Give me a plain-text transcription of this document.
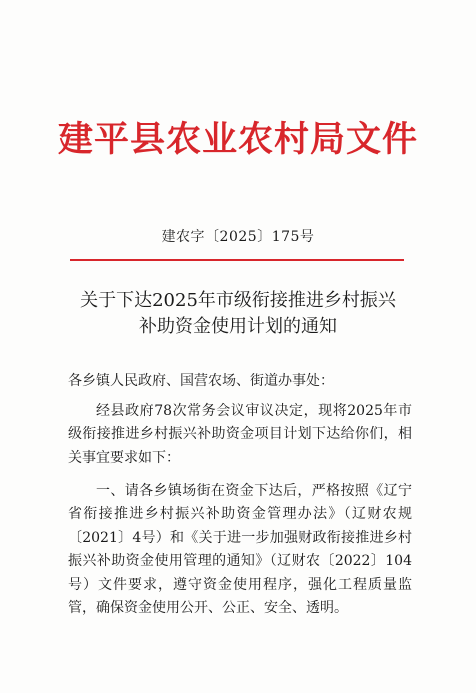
建平县农业农村局文件
建农字〔2025〕175号
关于下达2025年市级衔接推进乡村振兴
补助资金使用计划的通知
各乡镇人民政府、国营农场、街道办事处：
经县政府78次常务会议审议决定，现将2025年市级衔接推进乡村振兴补助资金项目计划下达给你们，相关事宜要求如下：
一、请各乡镇场街在资金下达后，严格按照《辽宁省衔接推进乡村振兴补助资金管理办法》（辽财农规〔2021〕4号）和《关于进一步加强财政衔接推进乡村振兴补助资金使用管理的通知》（辽财农〔2022〕104号）文件要求，遵守资金使用程序，强化工程质量监管，确保资金使用公开、公正、安全、透明。
